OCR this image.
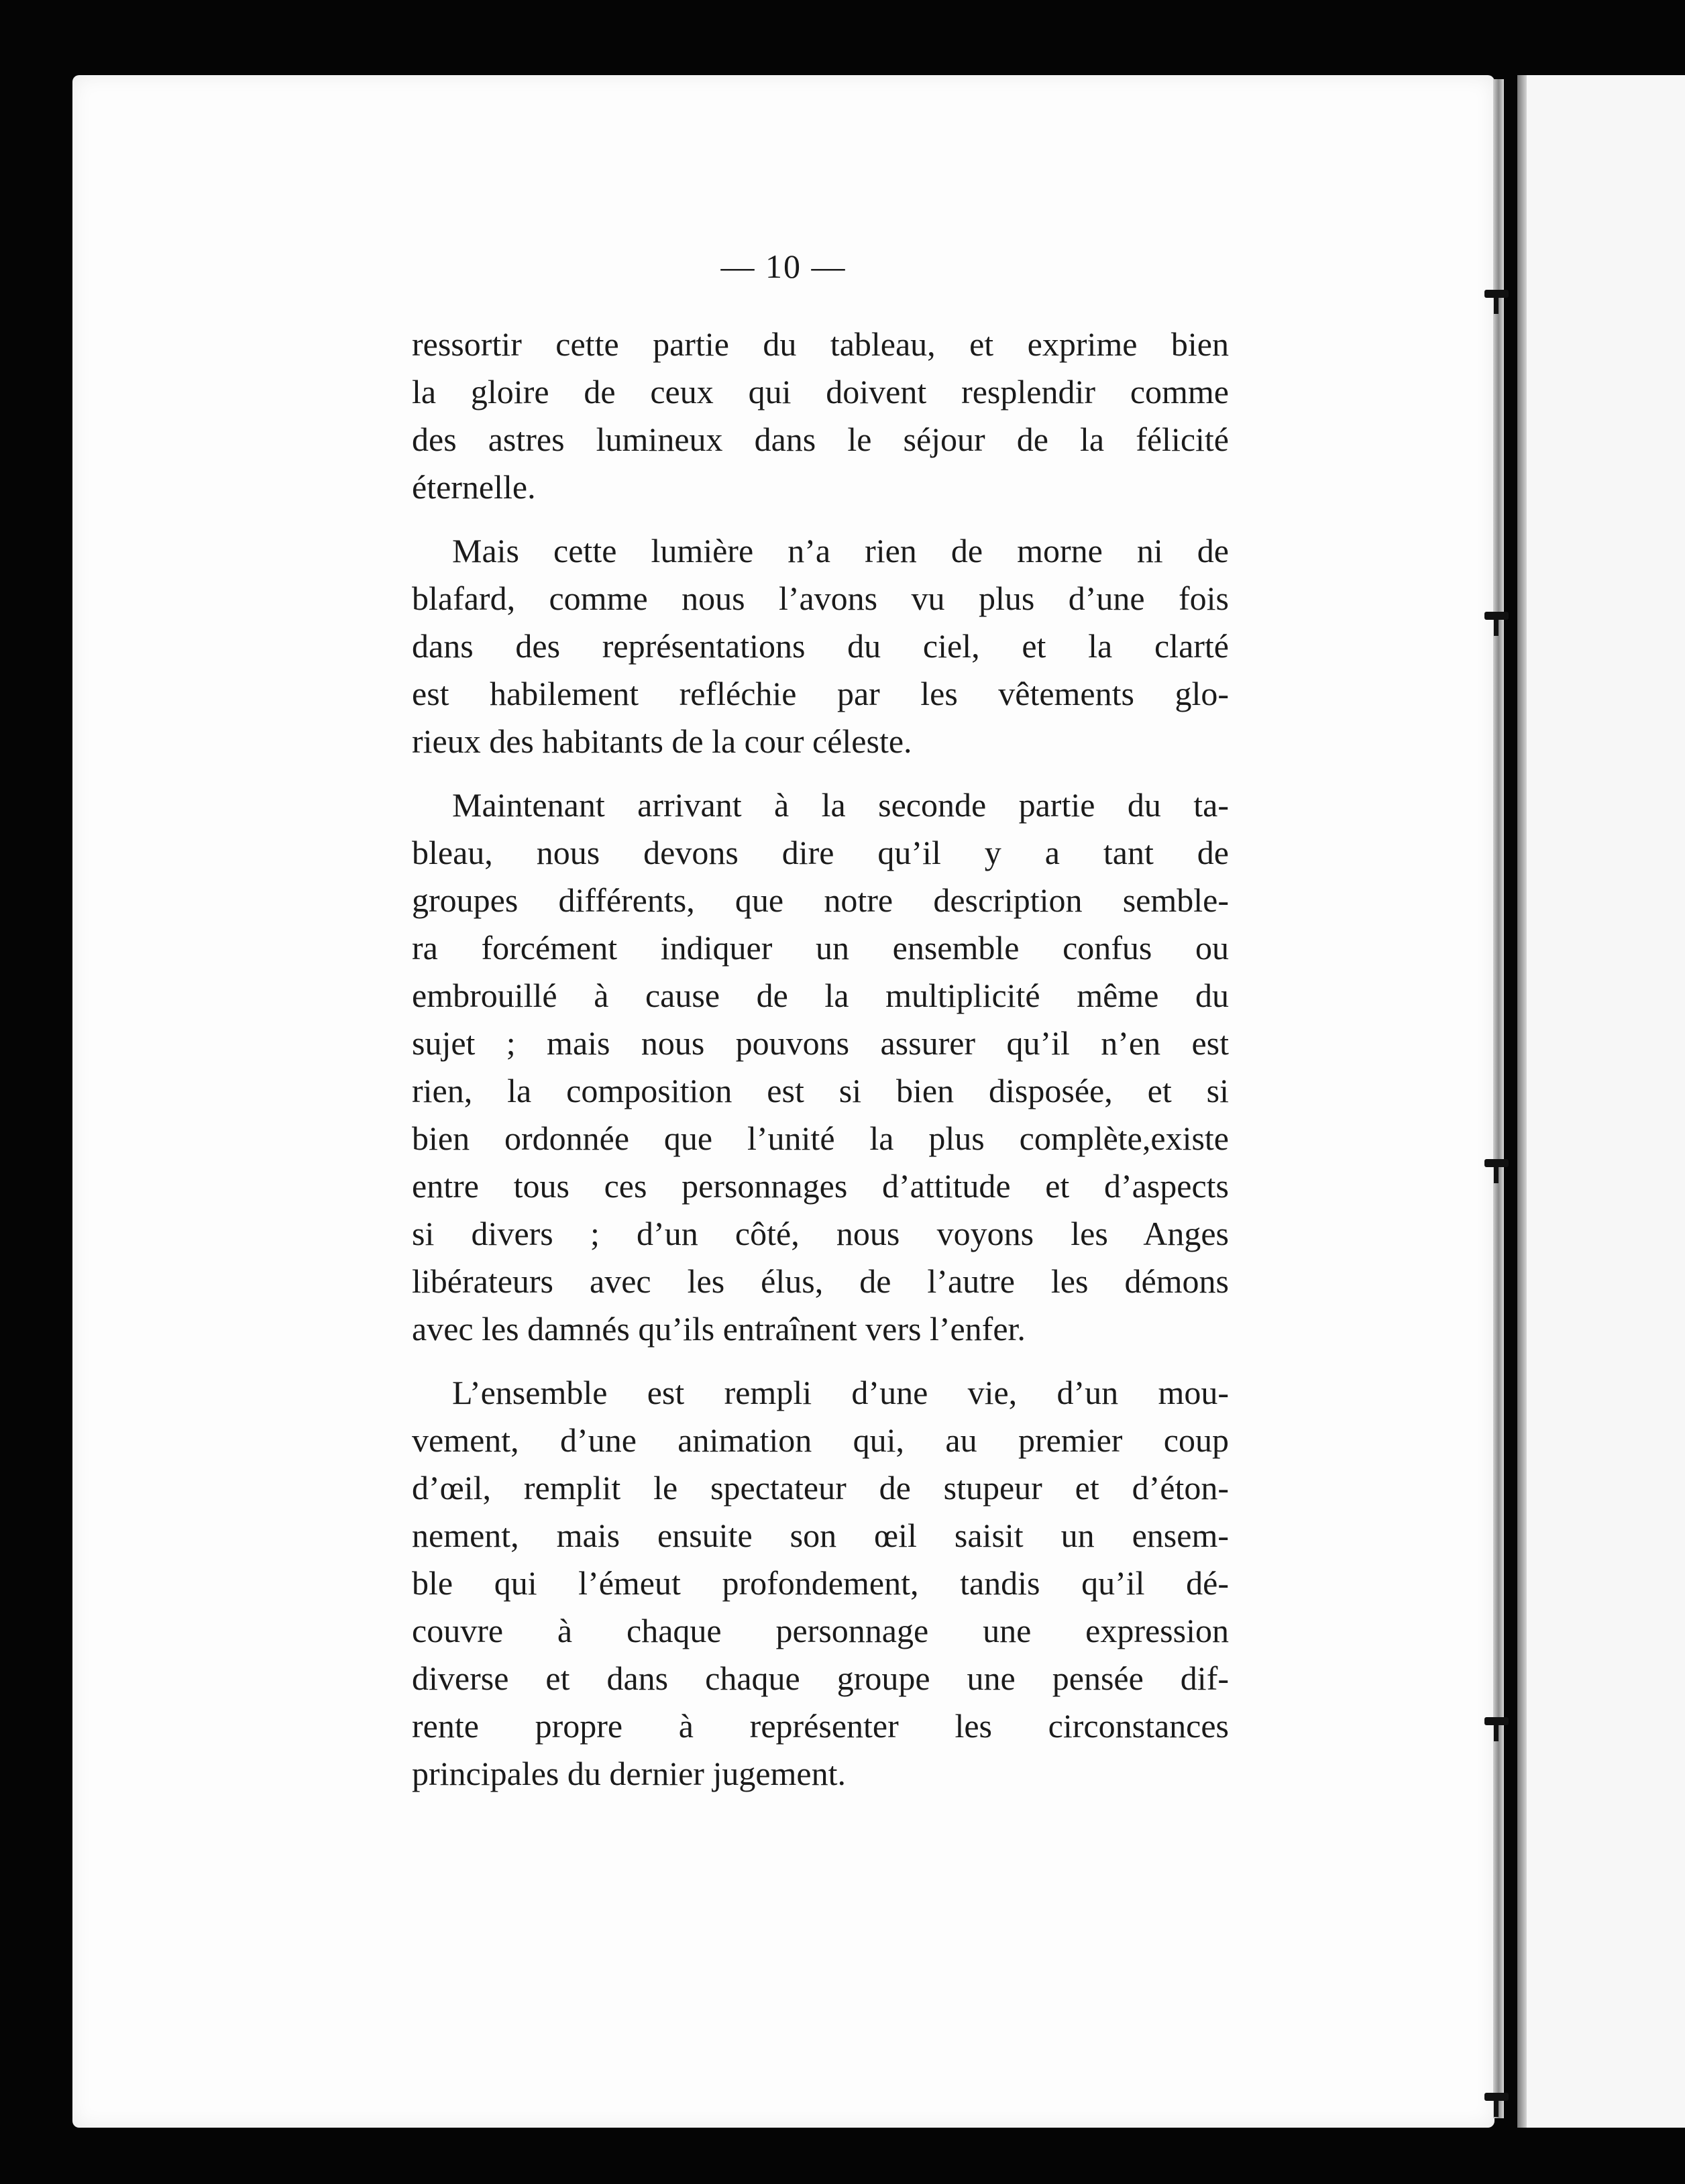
— 10 —
ressortir cette partie du tableau, et exprime bien
la gloire de ceux qui doivent resplendir comme
des astres lumineux dans le séjour de la félicité
éternelle.
Mais cette lumière n’a rien de morne ni de
blafard, comme nous l’avons vu plus d’une fois
dans des représentations du ciel, et la clarté
est habilement refléchie par les vêtements glo-
rieux des habitants de la cour céleste.
Maintenant arrivant à la seconde partie du ta-
bleau, nous devons dire qu’il y a tant de
groupes différents, que notre description semble-
ra forcément indiquer un ensemble confus ou
embrouillé à cause de la multiplicité même du
sujet ; mais nous pouvons assurer qu’il n’en est
rien, la composition est si bien disposée, et si
bien ordonnée que l’unité la plus complète,existe
entre tous ces personnages d’attitude et d’aspects
si divers ; d’un côté, nous voyons les Anges
libérateurs avec les élus, de l’autre les démons
avec les damnés qu’ils entraînent vers l’enfer.
L’ensemble est rempli d’une vie, d’un mou-
vement, d’une animation qui, au premier coup
d’œil, remplit le spectateur de stupeur et d’éton-
nement, mais ensuite son œil saisit un ensem-
ble qui l’émeut profondement, tandis qu’il dé-
couvre à chaque personnage une expression
diverse et dans chaque groupe une pensée dif-
rente propre à représenter les circonstances
principales du dernier jugement.
